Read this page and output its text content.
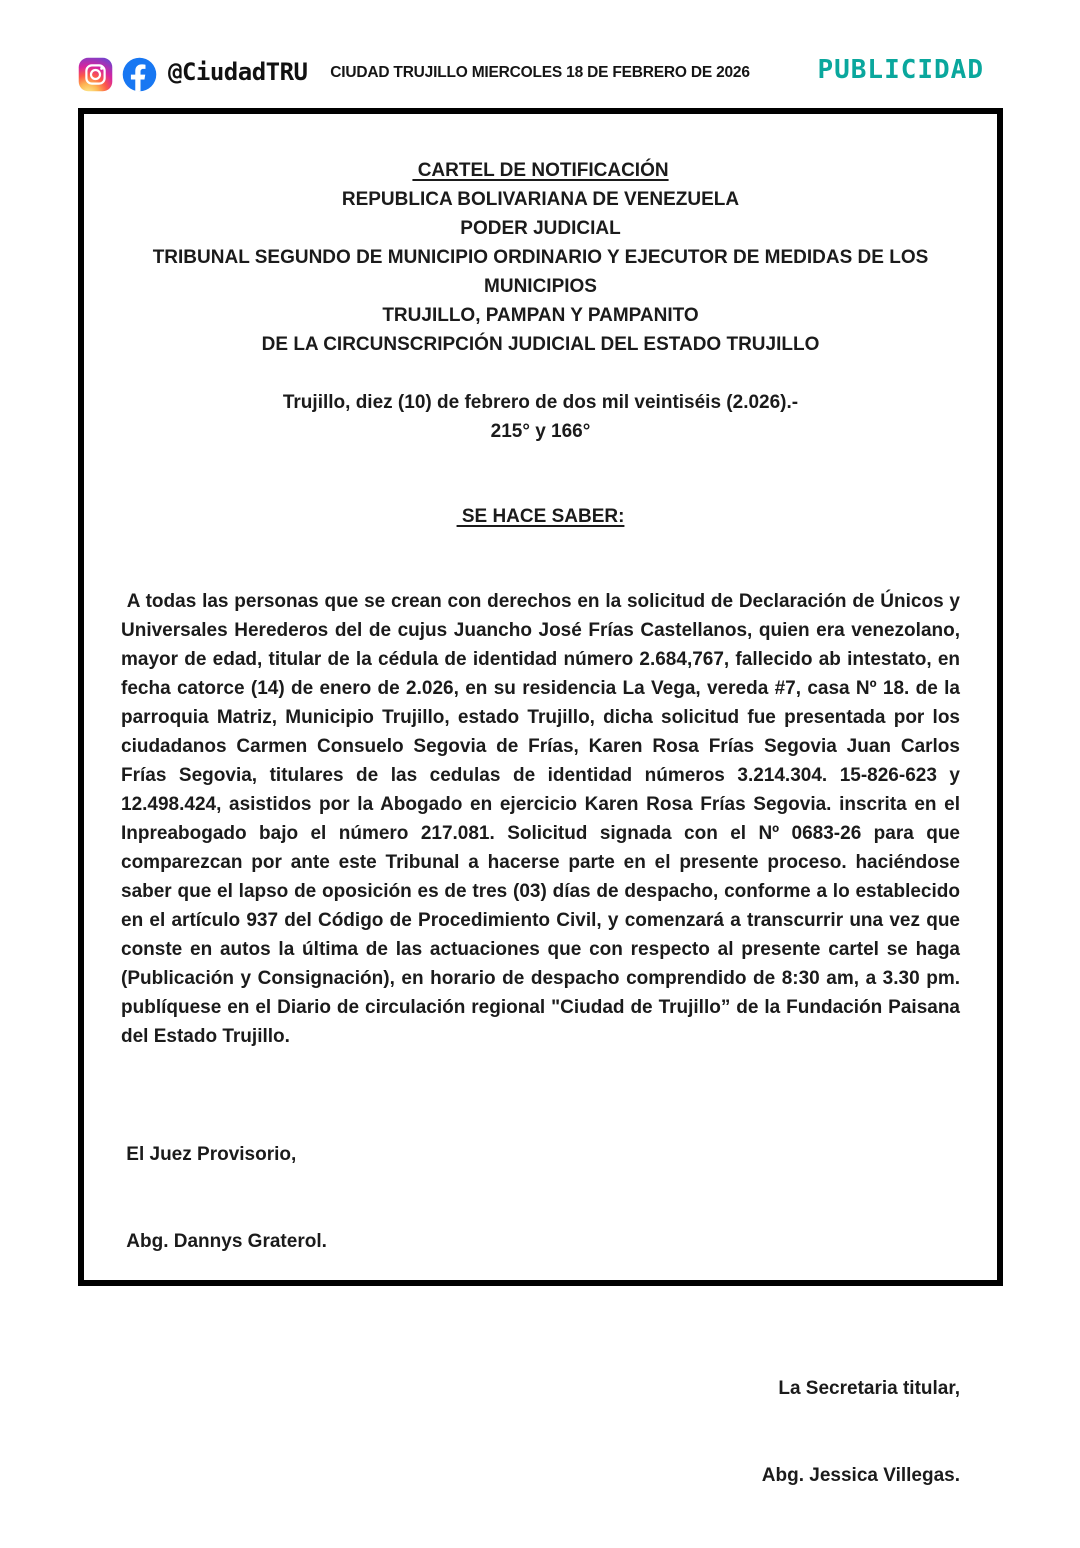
@CiudadTRU CIUDAD TRUJILLO MIERCOLES 18 DE FEBRERO DE 2026	PUBLICIDAD
CARTEL DE NOTIFICACIÓN
REPUBLICA BOLIVARIANA DE VENEZUELA
PODER JUDICIAL
TRIBUNAL SEGUNDO DE MUNICIPIO ORDINARIO Y EJECUTOR DE MEDIDAS DE LOS MUNICIPIOS
TRUJILLO, PAMPAN Y PAMPANITO
DE LA CIRCUNSCRIPCIÓN JUDICIAL DEL ESTADO TRUJILLO
Trujillo, diez (10) de febrero de dos mil veintiséis (2.026).-
215° y 166°
SE HACE SABER:
A todas las personas que se crean con derechos en la solicitud de Declaración de Únicos y Universales Herederos del de cujus Juancho José Frías Castellanos, quien era venezolano, mayor de edad, titular de la cédula de identidad número 2.684,767, fallecido ab intestato, en fecha catorce (14) de enero de 2.026, en su residencia La Vega, vereda #7, casa Nº 18. de la parroquia Matriz, Municipio Trujillo, estado Trujillo, dicha solicitud fue presentada por los ciudadanos Carmen Consuelo Segovia de Frías, Karen Rosa Frías Segovia Juan Carlos Frías Segovia, titulares de las cedulas de identidad números 3.214.304. 15-826-623 y 12.498.424, asistidos por la Abogado en ejercicio Karen Rosa Frías Segovia. inscrita en el Inpreabogado bajo el número 217.081. Solicitud signada con el Nº 0683-26 para que comparezcan por ante este Tribunal a hacerse parte en el presente proceso. haciéndose saber que el lapso de oposición es de tres (03) días de despacho, conforme a lo establecido en el artículo 937 del Código de Procedimiento Civil, y comenzará a transcurrir una vez que conste en autos la última de las actuaciones que con respecto al presente cartel se haga (Publicación y Consignación), en horario de despacho comprendido de 8:30 am, a 3.30 pm. publíquese en el Diario de circulación regional "Ciudad de Trujillo” de la Fundación Paisana del Estado Trujillo.

El Juez Provisorio,

Abg. Dannys Graterol.

La Secretaria titular,

Abg. Jessica Villegas.
